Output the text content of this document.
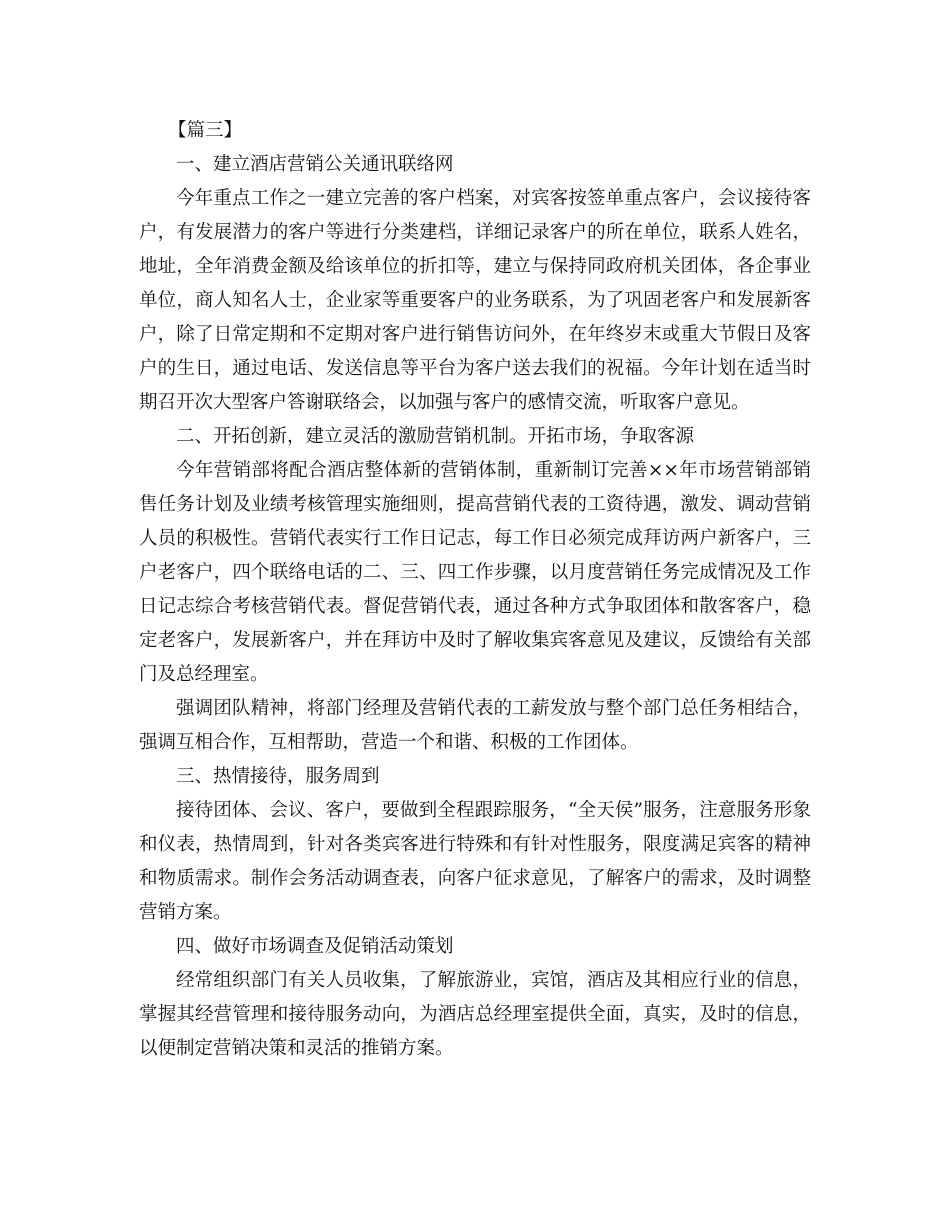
【篇三】

一、建立酒店营销公关通讯联络网

今年重点工作之一建立完善的客户档案，对宾客按签单重点客户，会议接待客户，有发展潜力的客户等进行分类建档，详细记录客户的所在单位，联系人姓名，地址，全年消费金额及给该单位的折扣等，建立与保持同政府机关团体，各企事业单位，商人知名人士，企业家等重要客户的业务联系，为了巩固老客户和发展新客户，除了日常定期和不定期对客户进行销售访问外，在年终岁末或重大节假日及客户的生日，通过电话、发送信息等平台为客户送去我们的祝福。今年计划在适当时期召开次大型客户答谢联络会，以加强与客户的感情交流，听取客户意见。

二、开拓创新，建立灵活的激励营销机制。开拓市场，争取客源

今年营销部将配合酒店整体新的营销体制，重新制订完善××年市场营销部销售任务计划及业绩考核管理实施细则，提高营销代表的工资待遇，激发、调动营销人员的积极性。营销代表实行工作日记志，每工作日必须完成拜访两户新客户，三户老客户，四个联络电话的二、三、四工作步骤，以月度营销任务完成情况及工作日记志综合考核营销代表。督促营销代表，通过各种方式争取团体和散客客户，稳定老客户，发展新客户，并在拜访中及时了解收集宾客意见及建议，反馈给有关部门及总经理室。

强调团队精神，将部门经理及营销代表的工薪发放与整个部门总任务相结合，强调互相合作，互相帮助，营造一个和谐、积极的工作团体。

三、热情接待，服务周到

接待团体、会议、客户，要做到全程跟踪服务，“全天侯”服务，注意服务形象和仪表，热情周到，针对各类宾客进行特殊和有针对性服务，限度满足宾客的精神和物质需求。制作会务活动调查表，向客户征求意见，了解客户的需求，及时调整营销方案。

四、做好市场调查及促销活动策划

经常组织部门有关人员收集，了解旅游业，宾馆，酒店及其相应行业的信息，掌握其经营管理和接待服务动向，为酒店总经理室提供全面，真实，及时的信息，以便制定营销决策和灵活的推销方案。
